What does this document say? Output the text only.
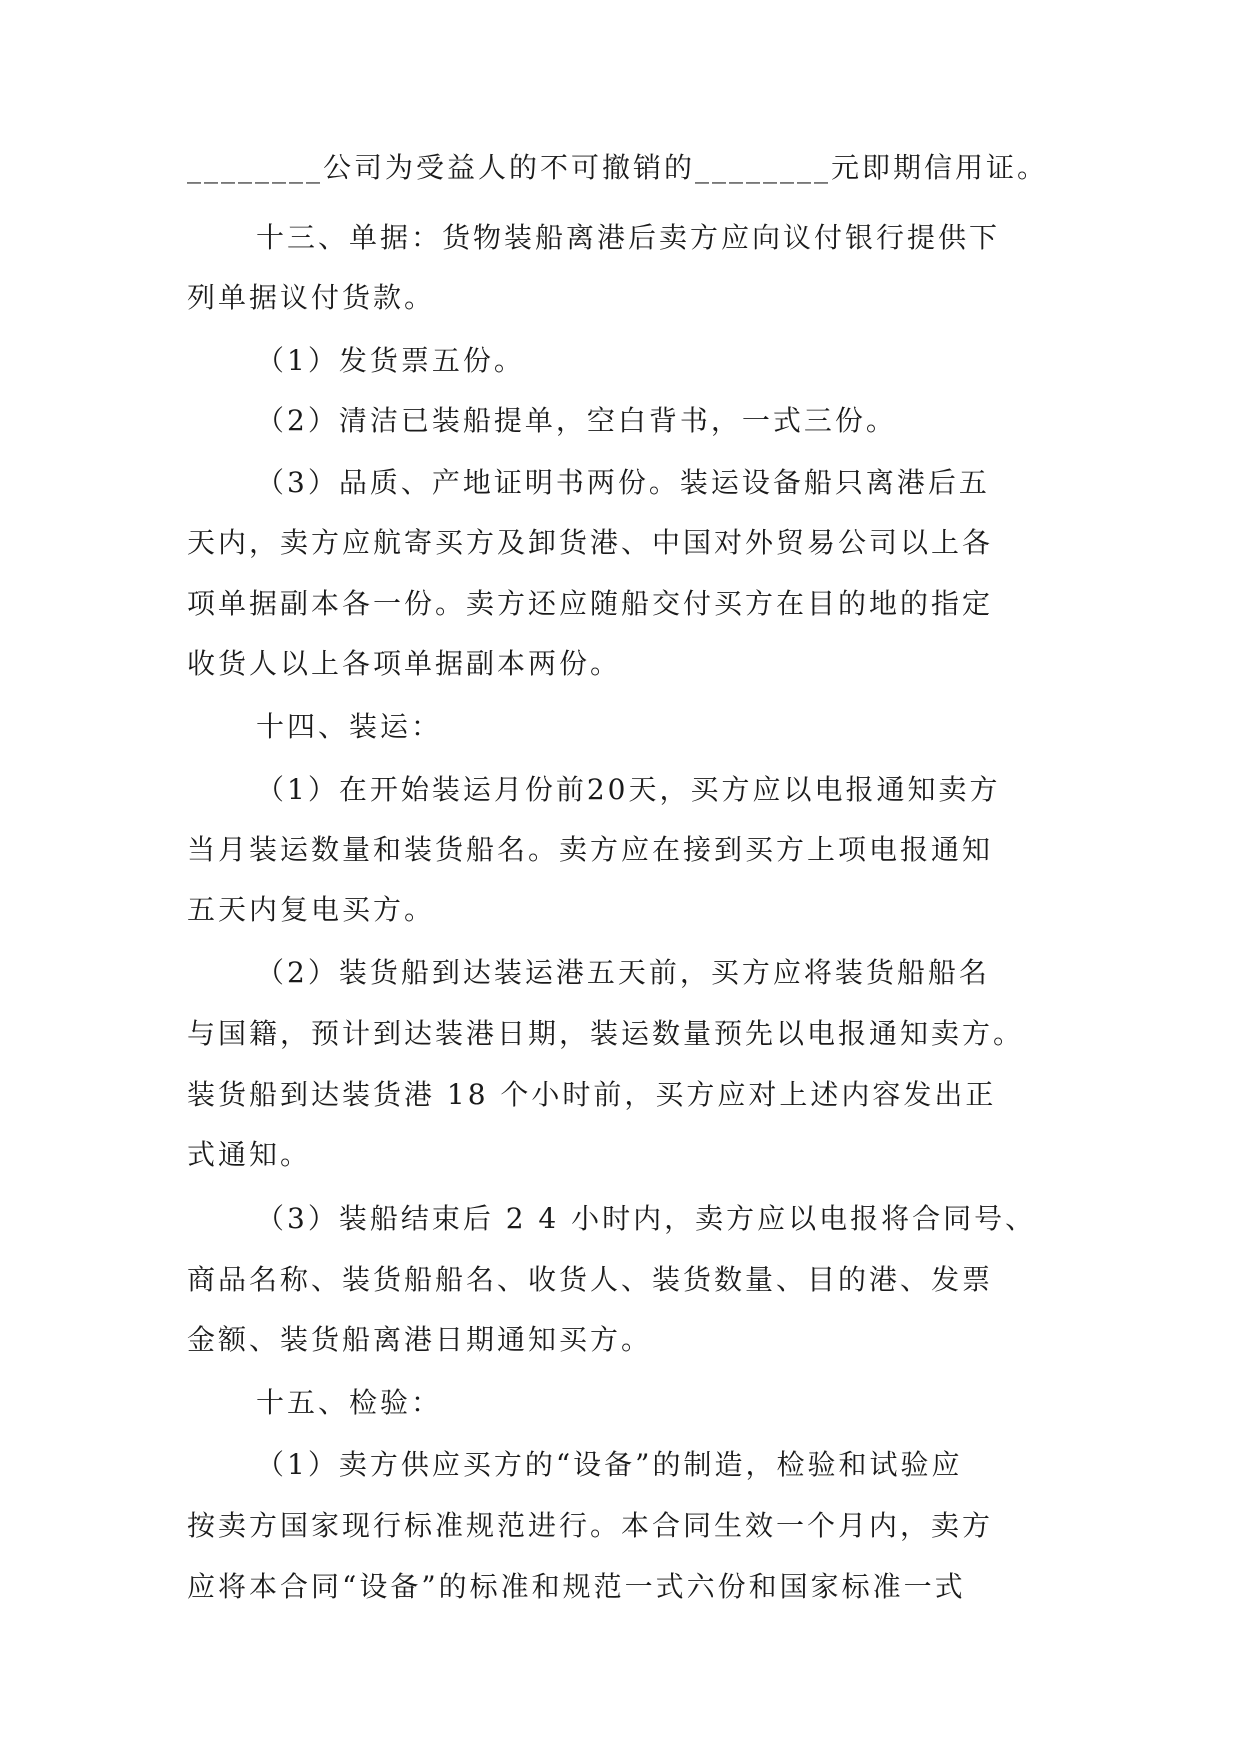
________公司为受益人的不可撤销的________元即期信用证。
十三、单据：货物装船离港后卖方应向议付银行提供下
列单据议付货款。
（1）发货票五份。
（2）清洁已装船提单，空白背书，一式三份。
（3）品质、产地证明书两份。装运设备船只离港后五
天内，卖方应航寄买方及卸货港、中国对外贸易公司以上各
项单据副本各一份。卖方还应随船交付买方在目的地的指定
收货人以上各项单据副本两份。
十四、装运：
（1）在开始装运月份前20天，买方应以电报通知卖方
当月装运数量和装货船名。卖方应在接到买方上项电报通知
五天内复电买方。
（2）装货船到达装运港五天前，买方应将装货船船名
与国籍，预计到达装港日期，装运数量预先以电报通知卖方。
装货船到达装货港 18 个小时前，买方应对上述内容发出正
式通知。
（3）装船结束后 2 4 小时内，卖方应以电报将合同号、
商品名称、装货船船名、收货人、装货数量、目的港、发票
金额、装货船离港日期通知买方。
十五、检验：
（1）卖方供应买方的“设备”的制造，检验和试验应
按卖方国家现行标准规范进行。本合同生效一个月内，卖方
应将本合同“设备”的标准和规范一式六份和国家标准一式
